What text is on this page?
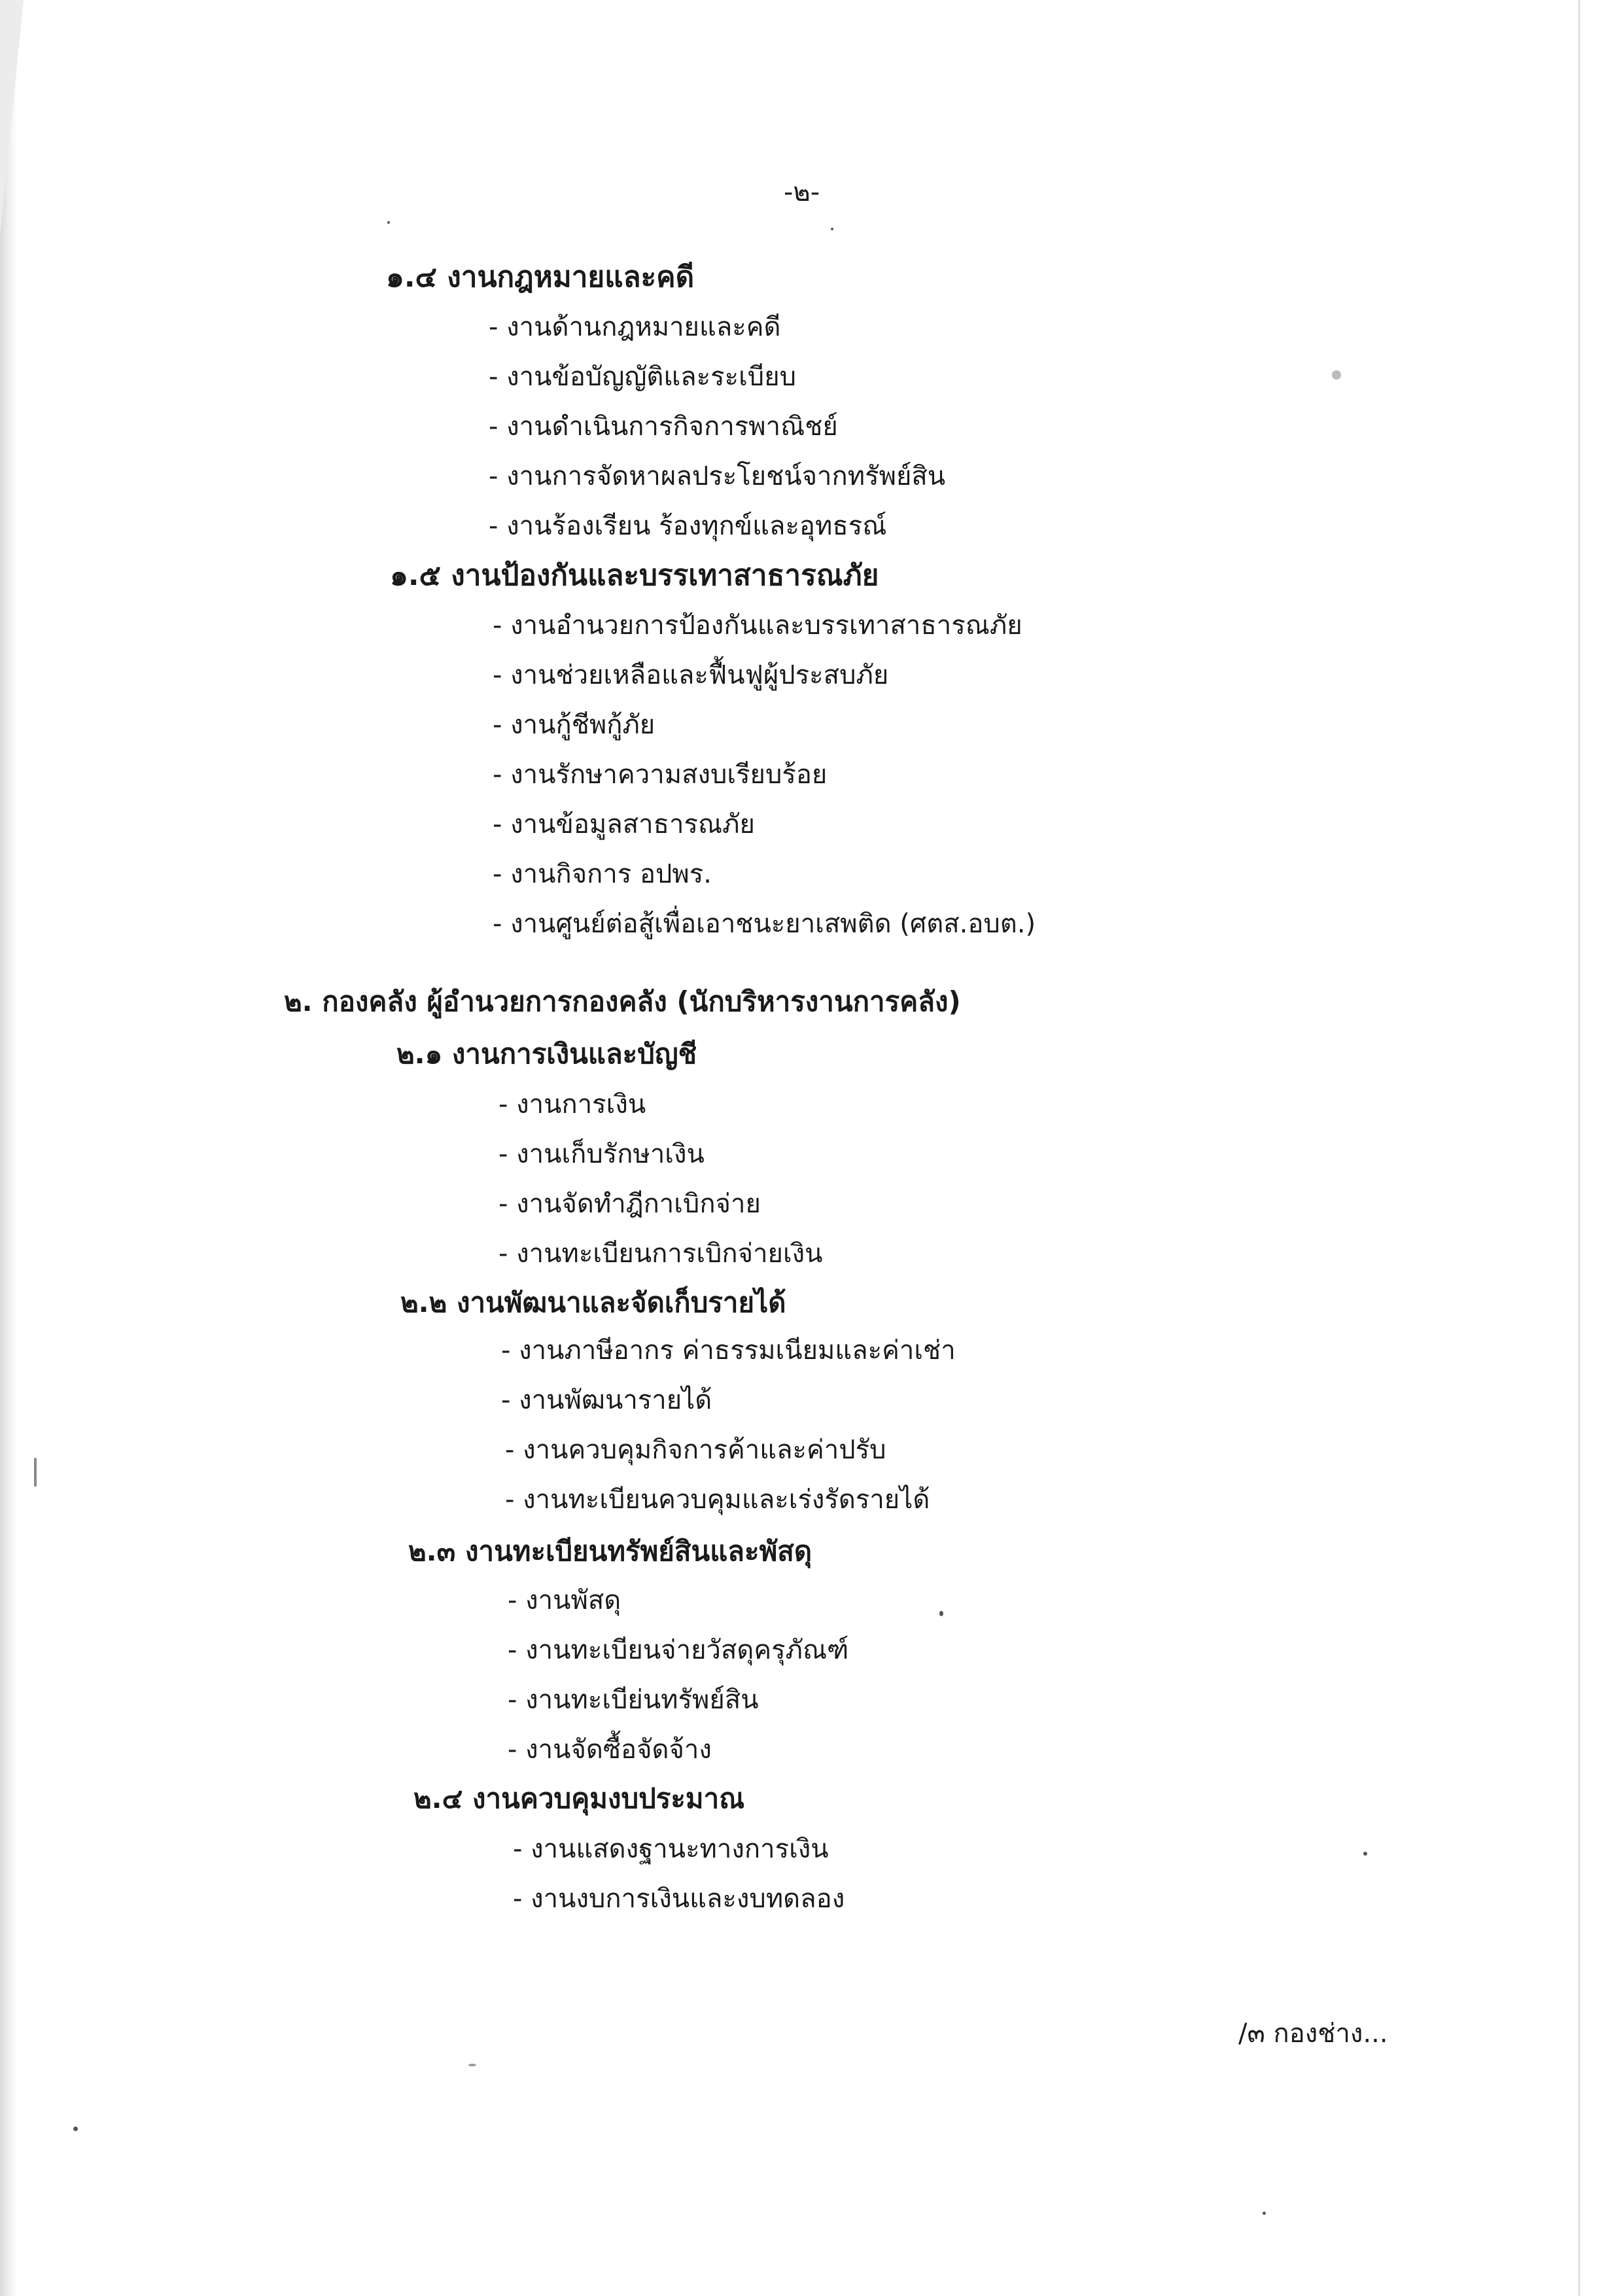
-๒-
๑.๔ งานกฎหมายและคดี
- งานด้านกฎหมายและคดี
- งานข้อบัญญัติและระเบียบ
- งานดำเนินการกิจการพาณิชย์
- งานการจัดหาผลประโยชน์จากทรัพย์สิน
- งานร้องเรียน ร้องทุกข์และอุทธรณ์
๑.๕ งานป้องกันและบรรเทาสาธารณภัย
- งานอำนวยการป้องกันและบรรเทาสาธารณภัย
- งานช่วยเหลือและฟื้นฟูผู้ประสบภัย
- งานกู้ชีพกู้ภัย
- งานรักษาความสงบเรียบร้อย
- งานข้อมูลสาธารณภัย
- งานกิจการ อปพร.
- งานศูนย์ต่อสู้เพื่อเอาชนะยาเสพติด (ศตส.อบต.)
๒. กองคลัง ผู้อำนวยการกองคลัง (นักบริหารงานการคลัง)
๒.๑ งานการเงินและบัญชี
- งานการเงิน
- งานเก็บรักษาเงิน
- งานจัดทำฎีกาเบิกจ่าย
- งานทะเบียนการเบิกจ่ายเงิน
๒.๒ งานพัฒนาและจัดเก็บรายได้
- งานภาษีอากร ค่าธรรมเนียมและค่าเช่า
- งานพัฒนารายได้
- งานควบคุมกิจการค้าและค่าปรับ
- งานทะเบียนควบคุมและเร่งรัดรายได้
๒.๓ งานทะเบียนทรัพย์สินและพัสดุ
- งานพัสดุ
- งานทะเบียนจ่ายวัสดุครุภัณฑ์
- งานทะเบีย่นทรัพย์สิน
- งานจัดซื้อจัดจ้าง
๒.๔ งานควบคุมงบประมาณ
- งานแสดงฐานะทางการเงิน
- งานงบการเงินและงบทดลอง
/๓ กองช่าง...
